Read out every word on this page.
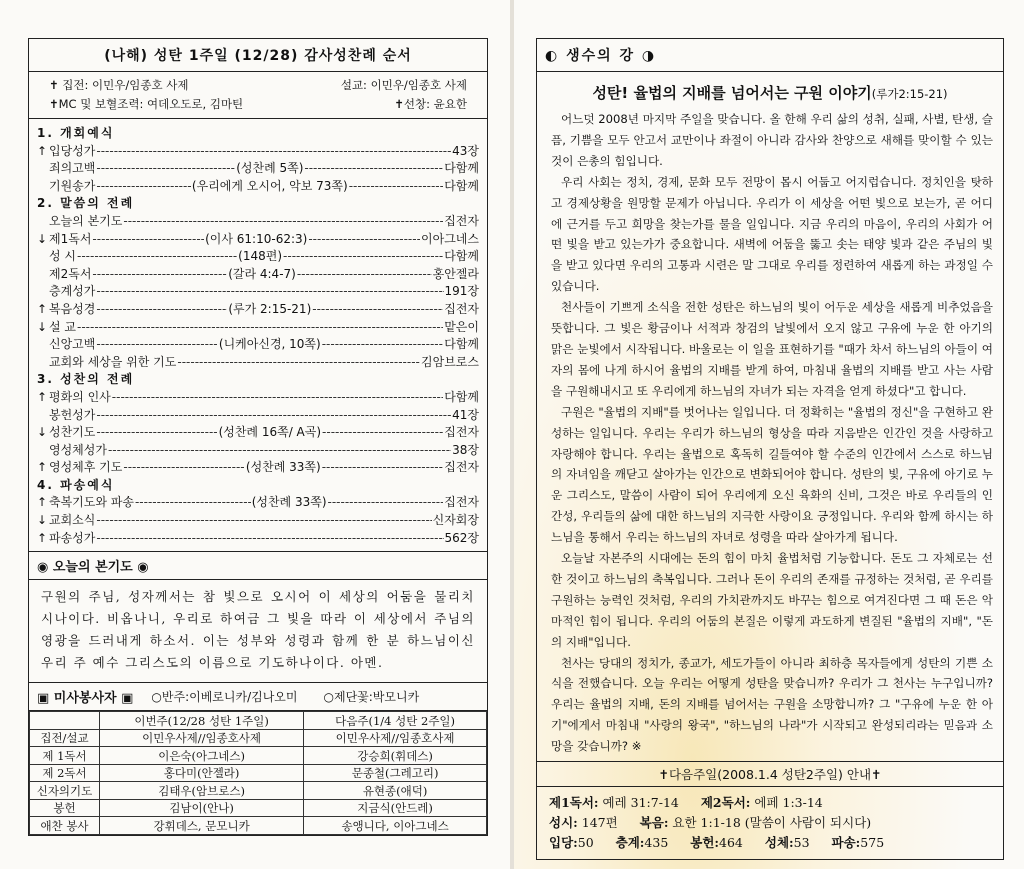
(나해) 성탄 1주일 (12/28) 감사성찬례 순서
✝ 집전: 이민우/임종호 사제	설교: 이민우/임종호 사제
✝MC 및 보혈조력: 여데오도로, 김마틴	✝선창: 윤요한
1. 개회예식
↑ 입당성가 -----	43장
죄의고백 -----	(성찬례 5쪽) -----	다함께
기원송가 -----	(우리에게 오시어, 악보 73쪽) -----	다함께
2. 말씀의 전례
오늘의 본기도 -----	집전자
↓ 제1독서 -----	(이사 61:10-62:3) -----	이아그네스
성 시 -----	(148편) -----	다함께
제2독서 -----	(갈라 4:4-7) -----	홍안젤라
층계성가 -----	191장
↑ 복음성경 -----	(루가 2:15-21) -----	집전자
↓ 설 교 -----	맡은이
신앙고백 -----	(니케아신경, 10쪽) -----	다함께
교회와 세상을 위한 기도 -----	김암브로스
3. 성찬의 전례
↑ 평화의 인사 -----	다함께
봉헌성가 -----	41장
↓ 성찬기도 -----	(성찬례 16쪽/ A곡) -----	집전자
영성체성가 -----	38장
↑ 영성체후 기도 -----	(성찬례 33쪽) -----	집전자
4. 파송예식
↑ 축복기도와 파송 -----	(성찬례 33쪽) -----	집전자
↓ 교회소식 -----	신자회장
↑ 파송성가 -----	562장
◉ 오늘의 본기도 ◉
구원의 주님, 성자께서는 참 빛으로 오시어 이 세상의 어둠을 물리치시나이다. 비옵나니, 우리로 하여금 그 빛을 따라 이 세상에서 주님의 영광을 드러내게 하소서. 이는 성부와 성령과 함께 한 분 하느님이신 우리 주 예수 그리스도의 이름으로 기도하나이다. 아멘.
▣ 미사봉사자 ▣ ○반주:이베로니카/김나오미 ○제단꽃:박모니카
	이번주(12/28 성탄 1주일)	다음주(1/4 성탄 2주일)
집전/설교	이민우사제//임종호사제	이민우사제//임종호사제
제 1독서	이은숙(아그네스)	강승희(휘데스)
제 2독서	홍다미(안젤라)	문종철(그레고리)
신자의기도	김태우(암브로스)	유현종(애덕)
봉헌	김남이(안나)	지금식(안드레)
애찬 봉사	강휘데스, 문모니카	송앵니다, 이아그네스
◐ 생수의 강 ◑
성탄! 율법의 지배를 넘어서는 구원 이야기(루가2:15-21)

어느덧 2008년 마지막 주일을 맞습니다. 올 한해 우리 삶의 성취, 실패, 사별, 탄생, 슬픔, 기쁨을 모두 안고서 교만이나 좌절이 아니라 감사와 찬양으로 새해를 맞이할 수 있는 것이 은총의 힘입니다.

우리 사회는 정치, 경제, 문화 모두 전망이 몹시 어둡고 어지럽습니다. 정치인을 탓하고 경제상황을 원망할 문제가 아닙니다. 우리가 이 세상을 어떤 빛으로 보는가, 곧 어디에 근거를 두고 희망을 찾는가를 물을 일입니다. 지금 우리의 마음이, 우리의 사회가 어떤 빛을 받고 있는가가 중요합니다. 새벽에 어둠을 뚫고 솟는 태양 빛과 같은 주님의 빛을 받고 있다면 우리의 고통과 시련은 말 그대로 우리를 정련하여 새롭게 하는 과정일 수 있습니다.

천사들이 기쁘게 소식을 전한 성탄은 하느님의 빛이 어두운 세상을 새롭게 비추었음을 뜻합니다. 그 빛은 황금이나 서적과 창검의 날빛에서 오지 않고 구유에 누운 한 아기의 맑은 눈빛에서 시작됩니다. 바울로는 이 일을 표현하기를 "때가 차서 하느님의 아들이 여자의 몸에 나게 하시어 율법의 지배를 받게 하여, 마침내 율법의 지배를 받고 사는 사람을 구원해내시고 또 우리에게 하느님의 자녀가 되는 자격을 얻게 하셨다"고 합니다.

구원은 "율법의 지배"를 벗어나는 일입니다. 더 정확히는 "율법의 정신"을 구현하고 완성하는 일입니다. 우리는 우리가 하느님의 형상을 따라 지음받은 인간인 것을 사랑하고 자랑해야 합니다. 우리는 율법으로 혹독히 길들여야 할 수준의 인간에서 스스로 하느님의 자녀임을 깨닫고 살아가는 인간으로 변화되어야 합니다. 성탄의 빛, 구유에 아기로 누운 그리스도, 말씀이 사람이 되어 우리에게 오신 육화의 신비, 그것은 바로 우리들의 인간성, 우리들의 삶에 대한 하느님의 지극한 사랑이요 긍정입니다. 우리와 함께 하시는 하느님을 통해서 우리는 하느님의 자녀로 성령을 따라 살아가게 됩니다.

오늘날 자본주의 시대에는 돈의 힘이 마치 율법처럼 기능합니다. 돈도 그 자체로는 선한 것이고 하느님의 축복입니다. 그러나 돈이 우리의 존재를 규정하는 것처럼, 곧 우리를 구원하는 능력인 것처럼, 우리의 가치관까지도 바꾸는 힘으로 여겨진다면 그 때 돈은 악마적인 힘이 됩니다. 우리의 어둠의 본질은 이렇게 과도하게 변질된 "율법의 지배", "돈의 지배"입니다.

천사는 당대의 정치가, 종교가, 세도가들이 아니라 최하층 목자들에게 성탄의 기쁜 소식을 전했습니다. 오늘 우리는 어떻게 성탄을 맞습니까? 우리가 그 천사는 누구입니까? 우리는 율법의 지배, 돈의 지배를 넘어서는 구원을 소망합니까? 그 "구유에 누운 한 아기"에게서 마침내 "사랑의 왕국", "하느님의 나라"가 시작되고 완성되리라는 믿음과 소망을 갖습니까? ※

✝다음주일(2008.1.4 성탄2주일) 안내✝
제1독서: 예레 31:7-14 제2독서: 에페 1:3-14
성시: 147편 복음: 요한 1:1-18 (말씀이 사람이 되시다)
입당:50 층계:435 봉헌:464 성체:53 파송:575
